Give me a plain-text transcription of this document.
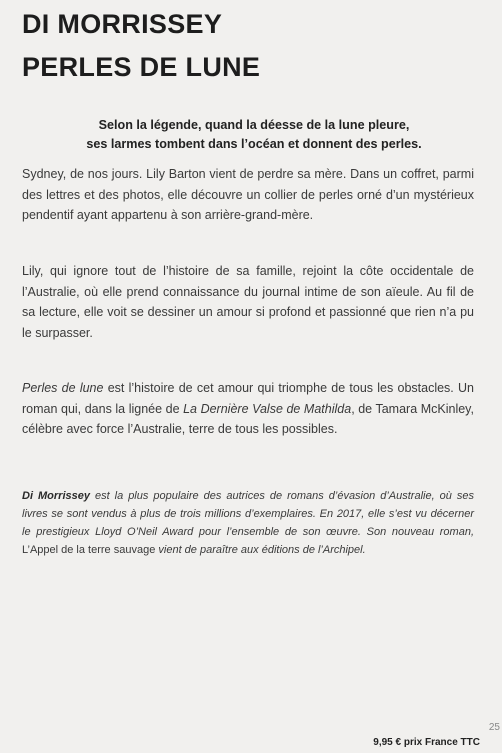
DI MORRISSEY
PERLES DE LUNE
Selon la légende, quand la déesse de la lune pleure,
ses larmes tombent dans l’océan et donnent des perles.

Sydney, de nos jours. Lily Barton vient de perdre sa mère. Dans un coffret, parmi des lettres et des photos, elle découvre un collier de perles orné d’un mystérieux pendentif ayant appartenu à son arrière-grand-mère.

Lily, qui ignore tout de l’histoire de sa famille, rejoint la côte occidentale de l’Australie, où elle prend connaissance du journal intime de son aïeule. Au fil de sa lecture, elle voit se dessiner un amour si profond et passionné que rien n’a pu le surpasser.

Perles de lune est l’histoire de cet amour qui triomphe de tous les obstacles. Un roman qui, dans la lignée de La Dernière Valse de Mathilda, de Tamara McKinley, célèbre avec force l’Australie, terre de tous les possibles.

Di Morrissey est la plus populaire des autrices de romans d’évasion d’Australie, où ses livres se sont vendus à plus de trois millions d’exemplaires. En 2017, elle s’est vu décerner le prestigieux Lloyd O’Neil Award pour l’ensemble de son œuvre. Son nouveau roman, L’Appel de la terre sauvage vient de paraître aux éditions de l’Archipel.

9,95 € prix France TTC
25
